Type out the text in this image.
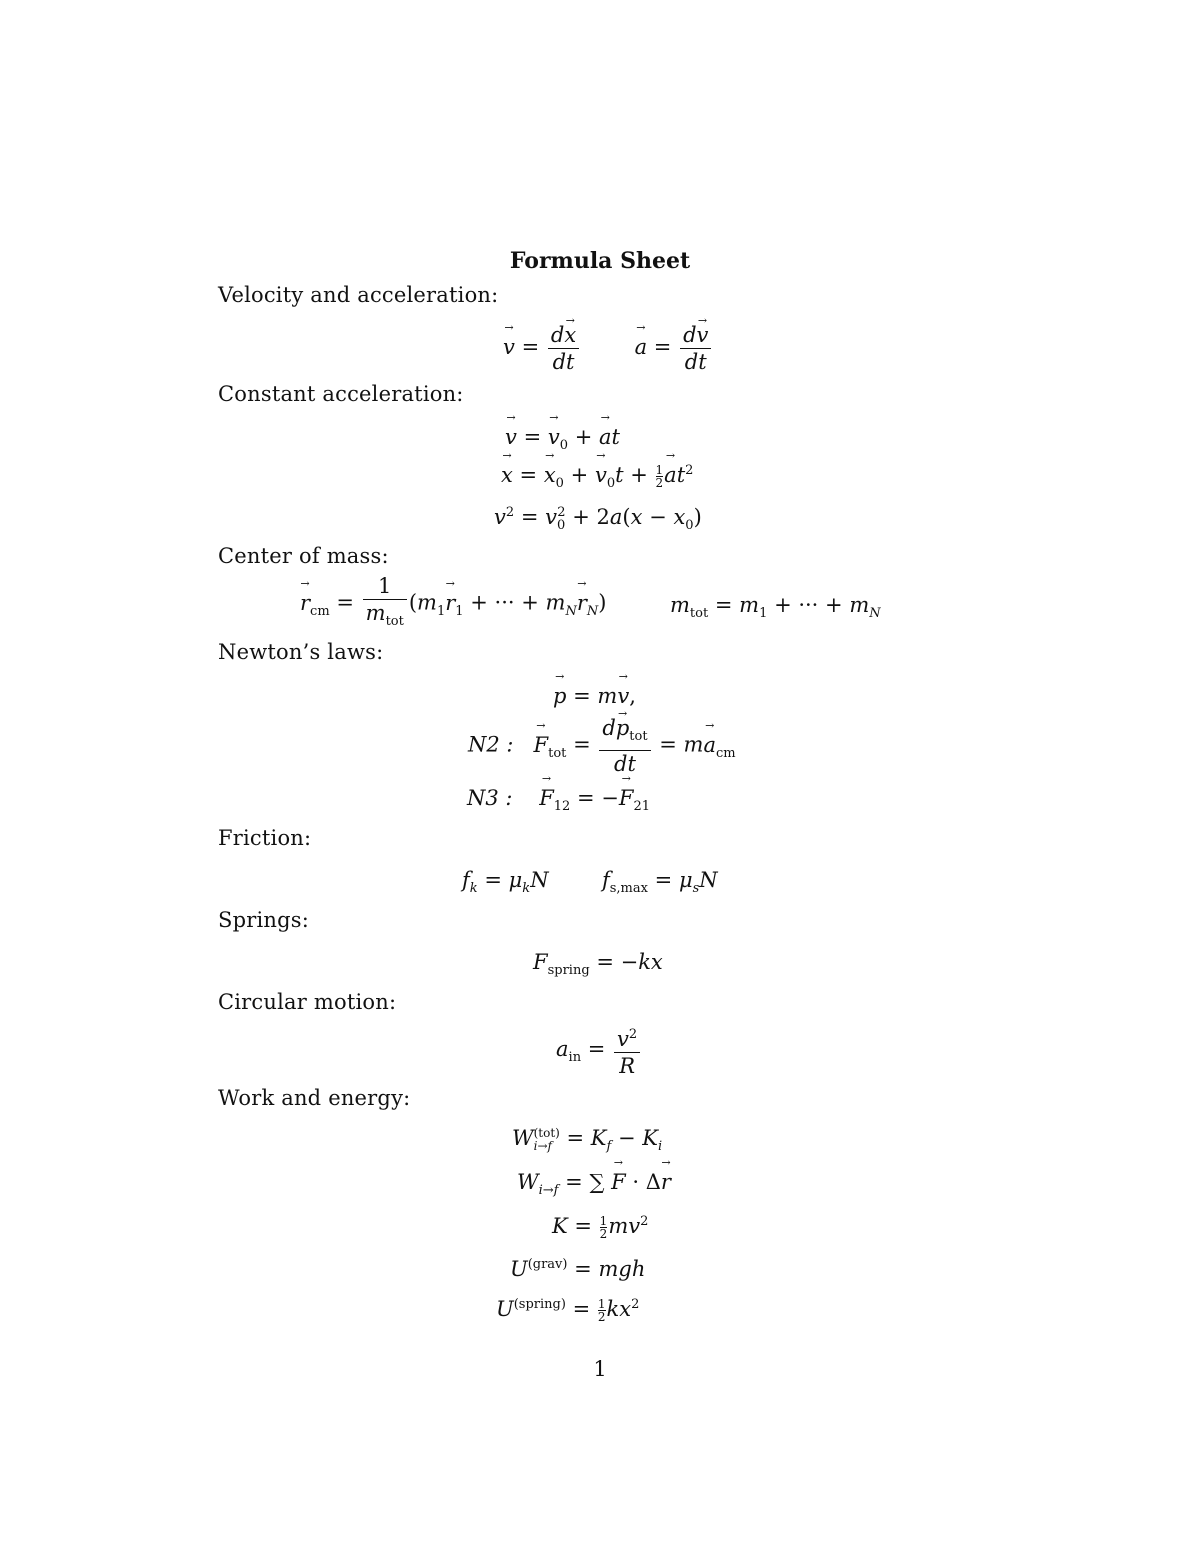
Formula Sheet
Velocity and acceleration:
→ $v = \frac{d\to x}{dt}$
→	$a = \frac{d\to v}{dt}$
Constant acceleration:
→ v = → $v_0$ + → at
→ x = → $x_0$ + → $v_0t + \frac{1}{2}$
→ $at^2$
$v^2 = v_0^2 + 2a(x - x_0)$
Center of mass:
→ $r_{cm} = \frac{1}{m_{tot}} (m_1\to r_1$ + ··· + $m_N\to r_N$)	$m_{tot} = m_1$ + ··· + $m_N$
Newton’s laws:
→ p = m→ v,
N2 :   → $F_{tot} = \frac{d\to p_{tot}}{dt} = m\to a_{cm}$
N3 :    → $F_{12}$ = −→ $F_{21}$
Friction:
$f_k = \mu_kN$        $f_{s,max} = \mu_sN$
Springs:
$F_{spring} = -kx$
Circular motion:
$a_{in} = \frac{v^2}{R}$
Work and energy:
W (tot)
$i\to f = K_f - K_i$
$W_{i\to f}$ = ∑ → F · Δ→ r
$K = \frac{1}{2} mv^2$
$U^{(grav)}$ = mgh
$U^{(spring)} = \frac{1}{2} kx^2$
1
